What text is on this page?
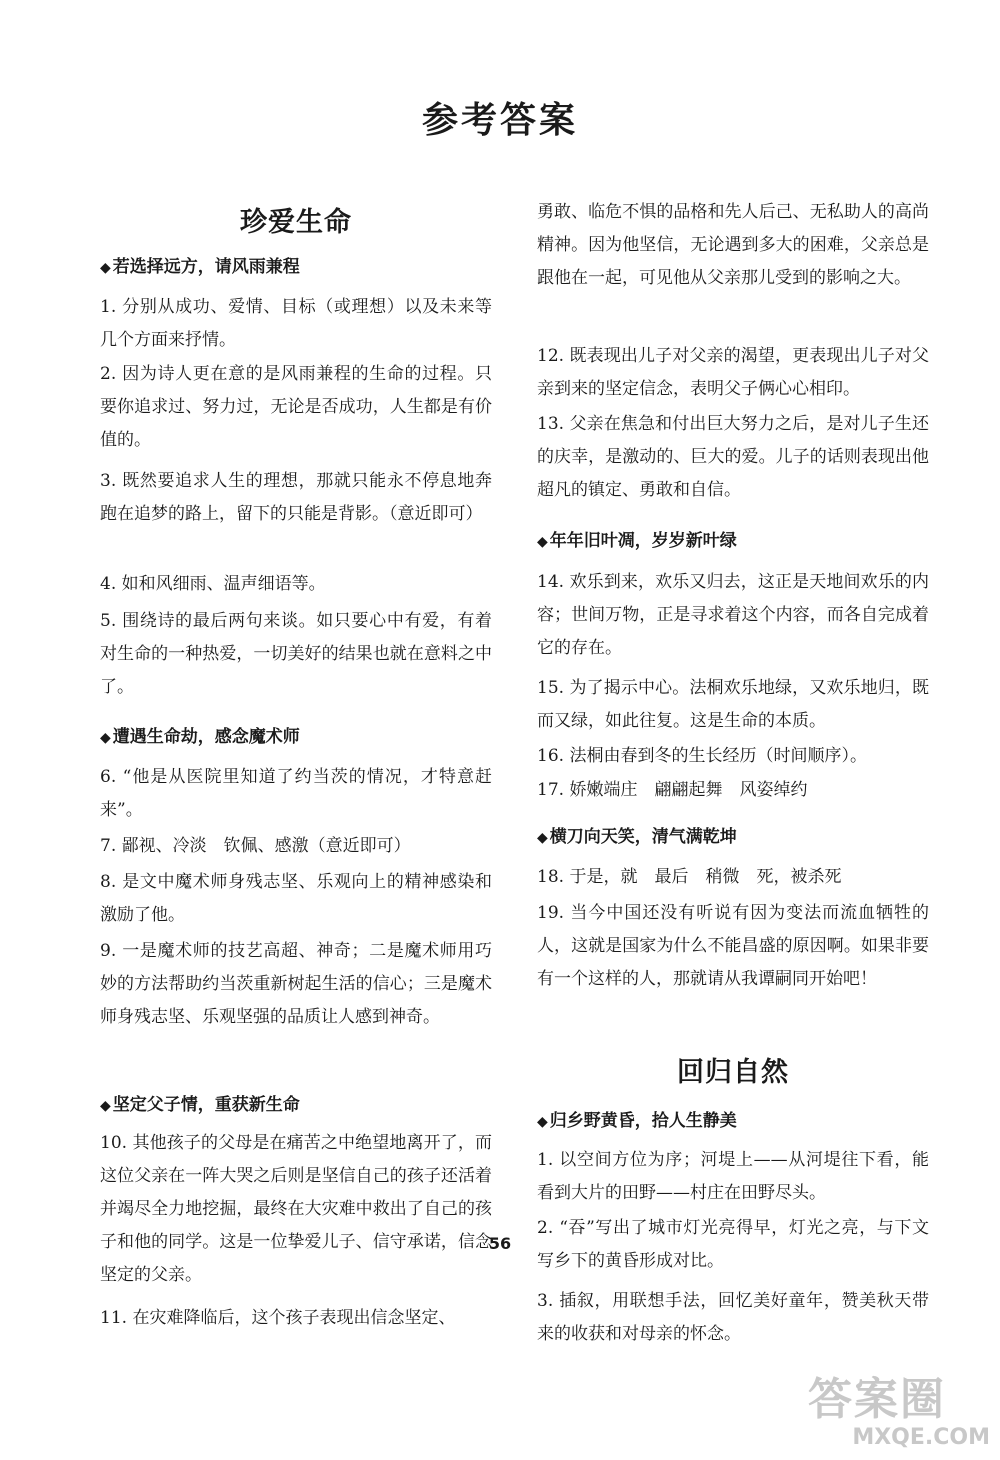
参考答案
珍爱生命
◆ 若选择远方，请风雨兼程

1. 分别从成功、爱情、目标（或理想）以及未来等几个方面来抒情。

2. 因为诗人更在意的是风雨兼程的生命的过程。只要你追求过、努力过，无论是否成功，人生都是有价值的。

3. 既然要追求人生的理想，那就只能永不停息地奔跑在追梦的路上，留下的只能是背影。（意近即可）

4. 如和风细雨、温声细语等。

5. 围绕诗的最后两句来谈。如只要心中有爱，有着对生命的一种热爱，一切美好的结果也就在意料之中了。

◆ 遭遇生命劫，感念魔术师

6. “他是从医院里知道了约当茨的情况，才特意赶来”。

7. 鄙视、冷淡　钦佩、感激（意近即可）

8. 是文中魔术师身残志坚、乐观向上的精神感染和激励了他。

9. 一是魔术师的技艺高超、神奇；二是魔术师用巧妙的方法帮助约当茨重新树起生活的信心；三是魔术师身残志坚、乐观坚强的品质让人感到神奇。

◆ 坚定父子情，重获新生命

10. 其他孩子的父母是在痛苦之中绝望地离开了，而这位父亲在一阵大哭之后则是坚信自己的孩子还活着并竭尽全力地挖掘，最终在大灾难中救出了自己的孩子和他的同学。这是一位挚爱儿子、信守承诺，信念坚定的父亲。

11. 在灾难降临后，这个孩子表现出信念坚定、

勇敢、临危不惧的品格和先人后己、无私助人的高尚精神。因为他坚信，无论遇到多大的困难，父亲总是跟他在一起，可见他从父亲那儿受到的影响之大。

12. 既表现出儿子对父亲的渴望，更表现出儿子对父亲到来的坚定信念，表明父子俩心心相印。

13. 父亲在焦急和付出巨大努力之后，是对儿子生还的庆幸，是激动的、巨大的爱。儿子的话则表现出他超凡的镇定、勇敢和自信。

◆ 年年旧叶凋，岁岁新叶绿

14. 欢乐到来，欢乐又归去，这正是天地间欢乐的内容；世间万物，正是寻求着这个内容，而各自完成着它的存在。

15. 为了揭示中心。法桐欢乐地绿，又欢乐地归，既而又绿，如此往复。这是生命的本质。

16. 法桐由春到冬的生长经历（时间顺序）。

17. 娇嫩端庄　翩翩起舞　风姿绰约

◆ 横刀向天笑，清气满乾坤

18. 于是，就　最后　稍微　死，被杀死

19. 当今中国还没有听说有因为变法而流血牺牲的人，这就是国家为什么不能昌盛的原因啊。如果非要有一个这样的人，那就请从我谭嗣同开始吧！

回归自然
◆ 归乡野黄昏，拾人生静美

1. 以空间方位为序；河堤上——从河堤往下看，能看到大片的田野——村庄在田野尽头。

2. “吞”写出了城市灯光亮得早，灯光之亮，与下文写乡下的黄昏形成对比。

3. 插叙，用联想手法，回忆美好童年，赞美秋天带来的收获和对母亲的怀念。

56
答案圈
MXQE.COM
